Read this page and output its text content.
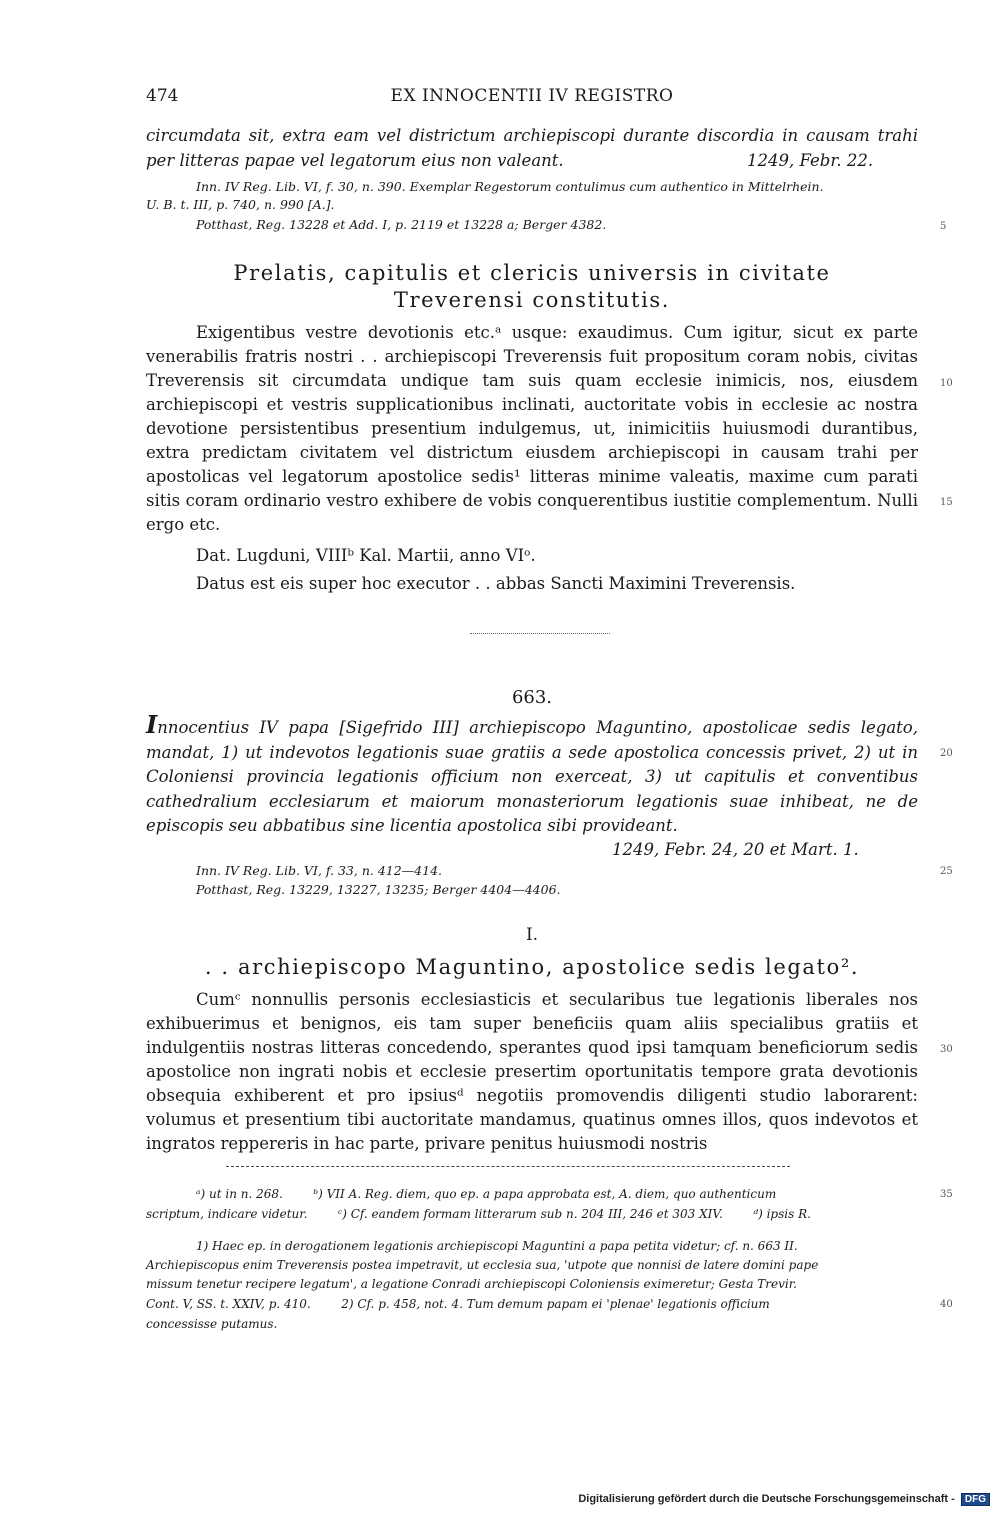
474	EX INNOCENTII IV REGISTRO
circumdata sit, extra eam vel districtum archiepiscopi durante discordia in causam trahi
per litteras papae vel legatorum eius non valeant.	1249, Febr. 22.
Inn. IV Reg. Lib. VI, f. 30, n. 390. Exemplar Regestorum contulimus cum authentico in Mittelrhein.
U. B. t. III, p. 740, n. 990 [A.].
Potthast, Reg. 13228 et Add. I, p. 2119 et 13228 a; Berger 4382.	5
Prelatis, capitulis et clericis universis in civitate
Treverensi constitutis.
Exigentibus vestre devotionis etc.ᵃ usque: exaudimus. Cum igitur, sicut ex parte venerabilis fratris nostri . . archiepiscopi Treverensis fuit propositum coram nobis, civitas Treverensis sit circumdata undique tam suis quam ecclesie inimicis, nos, eiusdem archiepiscopi et vestris supplicationibus inclinati, auctoritate vobis in ecclesie ac nostra devotione persistentibus presentium indulgemus, ut, inimicitiis huiusmodi durantibus, extra predictam civitatem vel districtum eiusdem archiepiscopi in causam trahi per apostolicas vel legatorum apostolice sedis¹ litteras minime valeatis, maxime cum parati sitis coram ordinario vestro exhibere de vobis conquerentibus iustitie complementum. Nulli ergo etc.
10
15
Dat. Lugduni, VIIIᵇ Kal. Martii, anno VIᵒ.
Datus est eis super hoc executor . . abbas Sancti Maximini Treverensis.
663.
Innocentius IV papa [Sigefrido III] archiepiscopo Maguntino, apostolicae sedis legato, mandat, 1) ut indevotos legationis suae gratiis a sede apostolica concessis privet, 2) ut in Coloniensi provincia legationis officium non exerceat, 3) ut capitulis et conventibus cathedralium ecclesiarum et maiorum monasteriorum legationis suae inhibeat, ne de episcopis seu abbatibus sine licentia apostolica sibi provideant.
20
1249, Febr. 24, 20 et Mart. 1.
Inn. IV Reg. Lib. VI, f. 33, n. 412—414.	25
Potthast, Reg. 13229, 13227, 13235; Berger 4404—4406.
I.
. . archiepiscopo Maguntino, apostolice sedis legato².
Cumᶜ nonnullis personis ecclesiasticis et secularibus tue legationis liberales nos exhibuerimus et benignos, eis tam super beneficiis quam aliis specialibus gratiis et indulgentiis nostras litteras concedendo, sperantes quod ipsi tamquam beneficiorum sedis apostolice non ingrati nobis et ecclesie presertim oportunitatis tempore grata devotionis obsequia exhiberent et pro ipsiusᵈ negotiis promovendis diligenti studio laborarent: volumus et presentium tibi auctoritate mandamus, quatinus omnes illos, quos indevotos et ingratos reppereris in hac parte, privare penitus huiusmodi nostris
30
ᵃ) ut in n. 268.        ᵇ) VII A. Reg. diem, quo ep. a papa approbata est, A. diem, quo authenticum	35
scriptum, indicare videtur.        ᶜ) Cf. eandem formam litterarum sub n. 204 III, 246 et 303 XIV.        ᵈ) ipsis R.
1) Haec ep. in derogationem legationis archiepiscopi Maguntini a papa petita videtur; cf. n. 663 II.
Archiepiscopus enim Treverensis postea impetravit, ut ecclesia sua, 'utpote que nonnisi de latere domini pape
missum tenetur recipere legatum', a legatione Conradi archiepiscopi Coloniensis eximeretur; Gesta Trevir.
Cont. V, SS. t. XXIV, p. 410.        2) Cf. p. 458, not. 4. Tum demum papam ei 'plenae' legationis officium	40
concessisse putamus.
Digitalisierung gefördert durch die Deutsche Forschungsgemeinschaft - DFG
